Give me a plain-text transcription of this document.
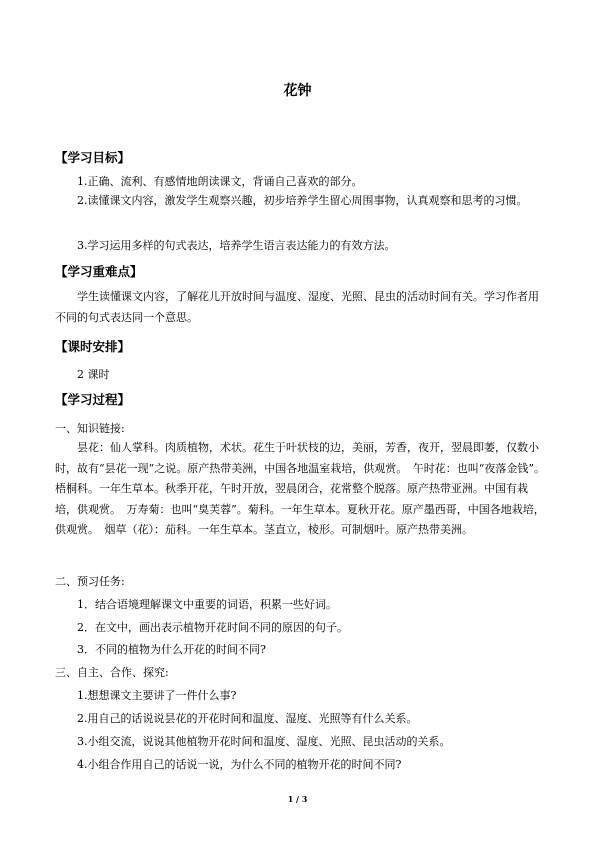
花钟
【学习目标】
1.正确、流利、有感情地朗读课文，背诵自己喜欢的部分。
2.读懂课文内容，激发学生观察兴趣，初步培养学生留心周围事物，认真观察和思考的习惯。
3.学习运用多样的句式表达，培养学生语言表达能力的有效方法。
【学习重难点】
学生读懂课文内容，了解花儿开放时间与温度、湿度、光照、昆虫的活动时间有关。学习作者用不同的句式表达同一个意思。
【课时安排】
2 课时
【学习过程】
一、知识链接:
昙花：仙人掌科。肉质植物，术状。花生于叶状枝的边，美丽，芳香，夜开，翌晨即萎，仅数小时，故有“昙花一现”之说。原产热带美洲，中国各地温室栽培，供观赏。　午时花：也叫“夜落金钱”。梧桐科。一年生草本。秋季开花，午时开放，翌晨闭合，花常整个脱落。原产热带亚洲。中国有栽培，供观赏。　万寿菊：也叫“臭芙蓉”。菊科。一年生草本。夏秋开花。原产墨西哥，中国各地栽培，供观赏。　烟草（花）：茄科。一年生草本。茎直立，棱形。可制烟叶。原产热带美洲。
二、预习任务:
1．结合语境理解课文中重要的词语，积累一些好词。
2．在文中，画出表示植物开花时间不同的原因的句子。
3．不同的植物为什么开花的时间不同?
三、自主、合作、探究:
1.想想课文主要讲了一件什么事?
2.用自己的话说说昙花的开花时间和温度、湿度、光照等有什么关系。
3.小组交流，说说其他植物开花时间和温度、湿度、光照、昆虫活动的关系。
4.小组合作用自己的话说一说，为什么不同的植物开花的时间不同?
1 / 3
